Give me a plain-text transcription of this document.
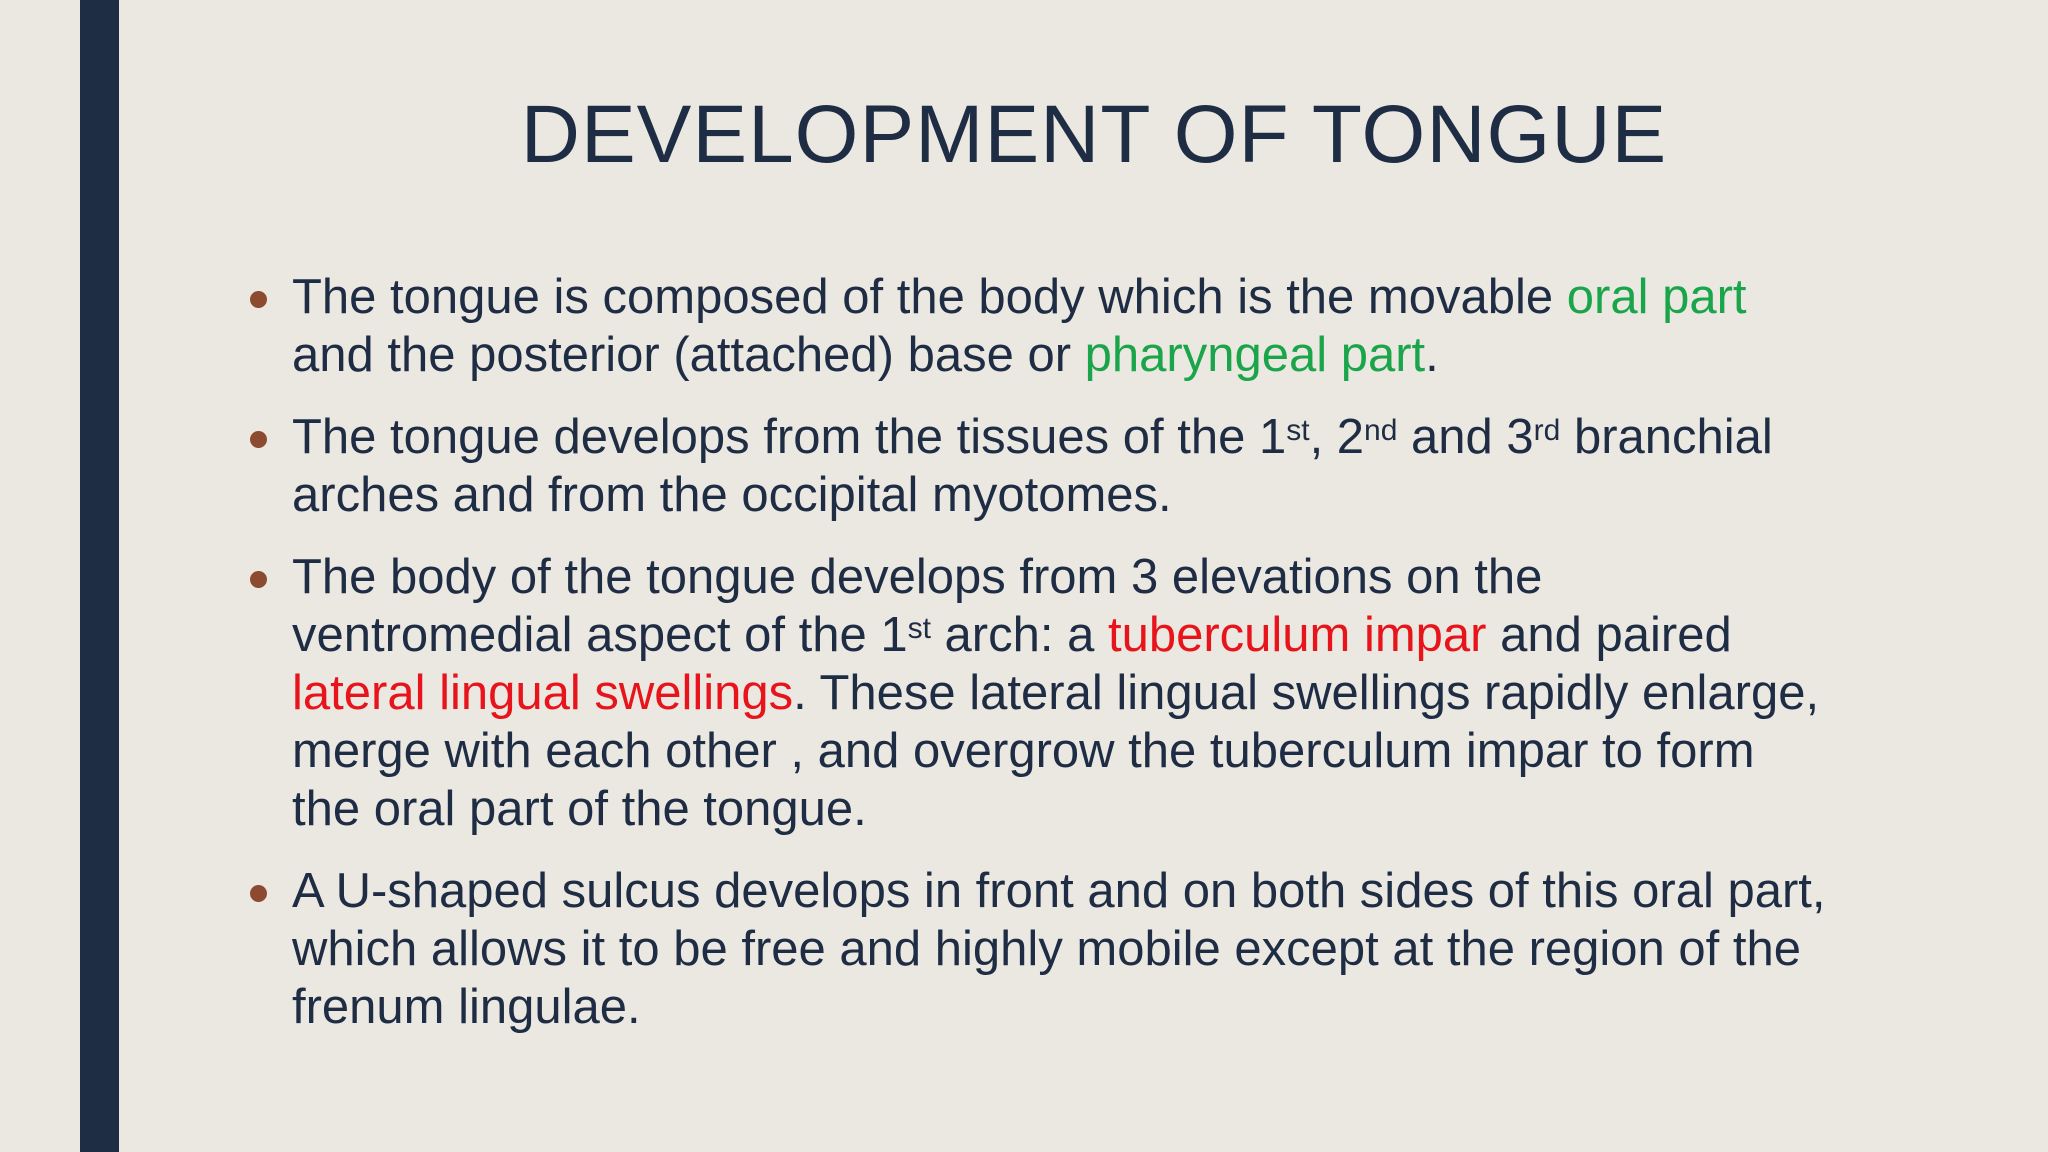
DEVELOPMENT OF TONGUE
The tongue is composed of the body which is the movable oral part and the posterior (attached) base or pharyngeal part.
The tongue develops from the tissues of the 1st, 2nd and 3rd branchial arches and from the occipital myotomes.
The body of the tongue develops from 3 elevations on the ventromedial aspect of the 1st arch: a tuberculum impar and paired lateral lingual swellings. These lateral lingual swellings rapidly enlarge, merge with each other , and overgrow the tuberculum impar to form the oral part of the tongue.
A U-shaped sulcus develops in front and on both sides of this oral part, which allows it to be free and highly mobile except at the region of the frenum lingulae.
